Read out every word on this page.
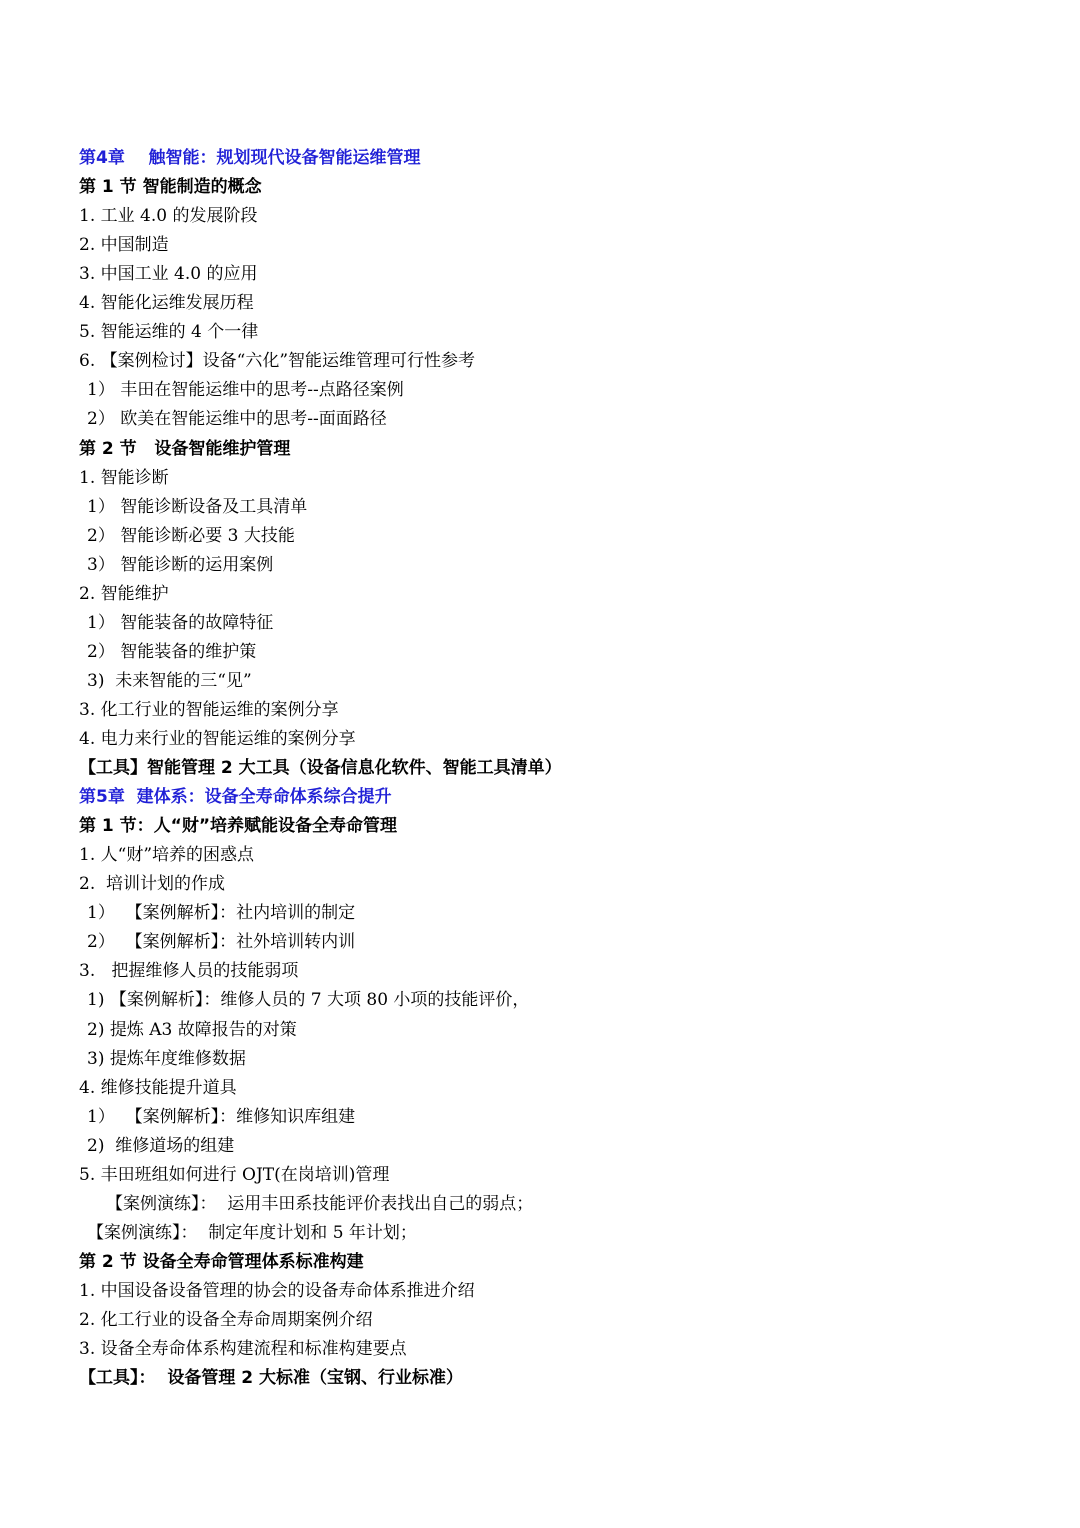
第4章    触智能：规划现代设备智能运维管理
第 1 节 智能制造的概念
1. 工业 4.0 的发展阶段
2. 中国制造
3. 中国工业 4.0 的应用
4. 智能化运维发展历程
5. 智能运维的 4 个一律
6. 【案例检讨】设备“六化”智能运维管理可行性参考
1） 丰田在智能运维中的思考--点路径案例
2） 欧美在智能运维中的思考--面面路径
第 2 节   设备智能维护管理
1. 智能诊断
1） 智能诊断设备及工具清单
2） 智能诊断必要 3 大技能
3） 智能诊断的运用案例
2. 智能维护
1） 智能装备的故障特征
2） 智能装备的维护策
3)  未来智能的三“见”
3. 化工行业的智能运维的案例分享
4. 电力来行业的智能运维的案例分享
【工具】智能管理 2 大工具（设备信息化软件、智能工具清单）
第5章  建体系：设备全寿命体系综合提升
第 1 节：人“财”培养赋能设备全寿命管理
1. 人“财”培养的困惑点
2.  培训计划的作成
1）  【案例解析】：社内培训的制定
2）  【案例解析】：社外培训转内训
3.   把握维修人员的技能弱项
1) 【案例解析】：维修人员的 7 大项 80 小项的技能评价，
2) 提炼 A3 故障报告的对策
3) 提炼年度维修数据
4. 维修技能提升道具
1）  【案例解析】：维修知识库组建
2)  维修道场的组建
5. 丰田班组如何进行 OJT(在岗培训)管理
【案例演练】：  运用丰田系技能评价表找出自己的弱点；
【案例演练】：  制定年度计划和 5 年计划；
第 2 节 设备全寿命管理体系标准构建
1. 中国设备设备管理的协会的设备寿命体系推进介绍
2. 化工行业的设备全寿命周期案例介绍
3. 设备全寿命体系构建流程和标准构建要点
【工具】：  设备管理 2 大标准（宝钢、行业标准）
